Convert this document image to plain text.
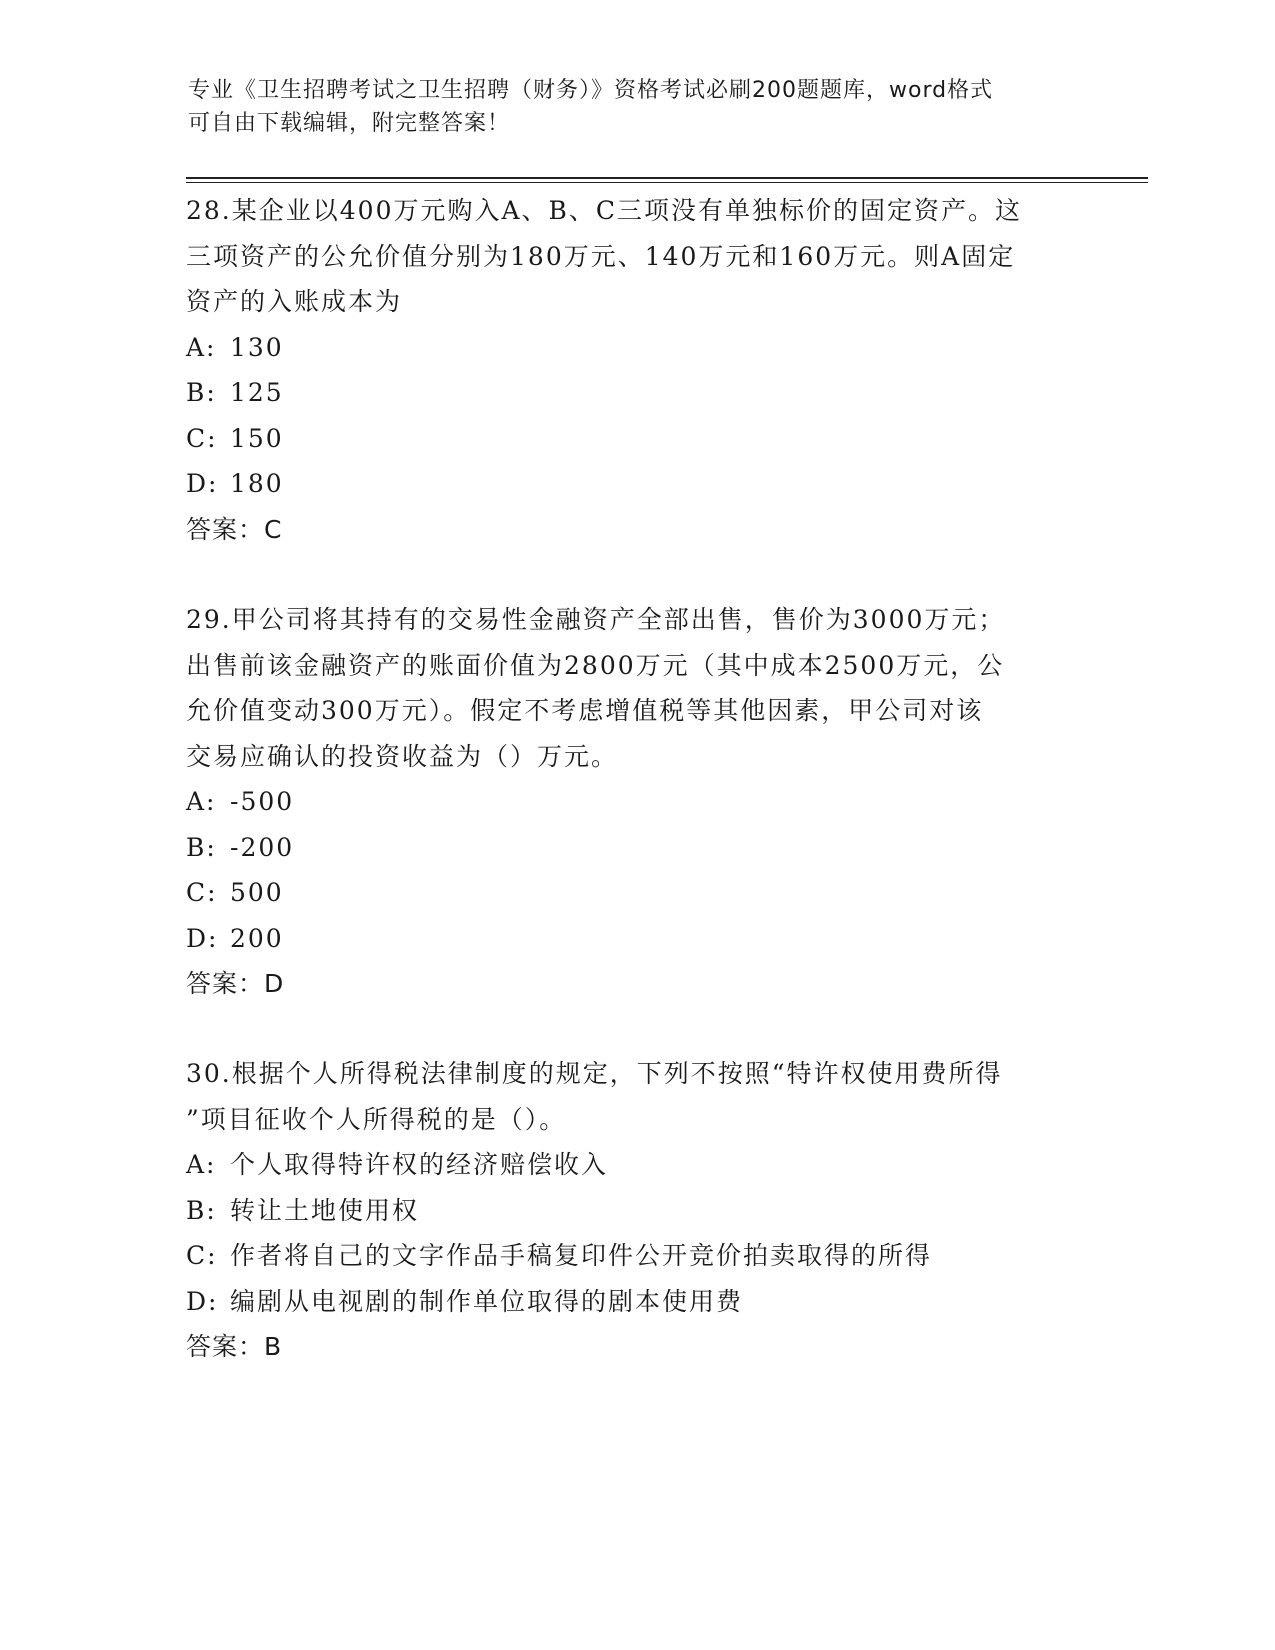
专业《卫生招聘考试之卫生招聘（财务）》资格考试必刷200题题库，word格式
可自由下载编辑，附完整答案！

28.某企业以400万元购入A、B、C三项没有单独标价的固定资产。这

三项资产的公允价值分别为180万元、140万元和160万元。则A固定

资产的入账成本为

A: 130

B: 125

C: 150

D: 180

答案：C

29.甲公司将其持有的交易性金融资产全部出售，售价为3000万元；

出售前该金融资产的账面价值为2800万元（其中成本2500万元，公

允价值变动300万元）。假定不考虑增值税等其他因素，甲公司对该

交易应确认的投资收益为（）万元。

A: -500

B: -200

C: 500

D: 200

答案：D

30.根据个人所得税法律制度的规定，下列不按照“特许权使用费所得

”项目征收个人所得税的是（）。

A: 个人取得特许权的经济赔偿收入

B: 转让土地使用权

C: 作者将自己的文字作品手稿复印件公开竞价拍卖取得的所得

D: 编剧从电视剧的制作单位取得的剧本使用费

答案：B
